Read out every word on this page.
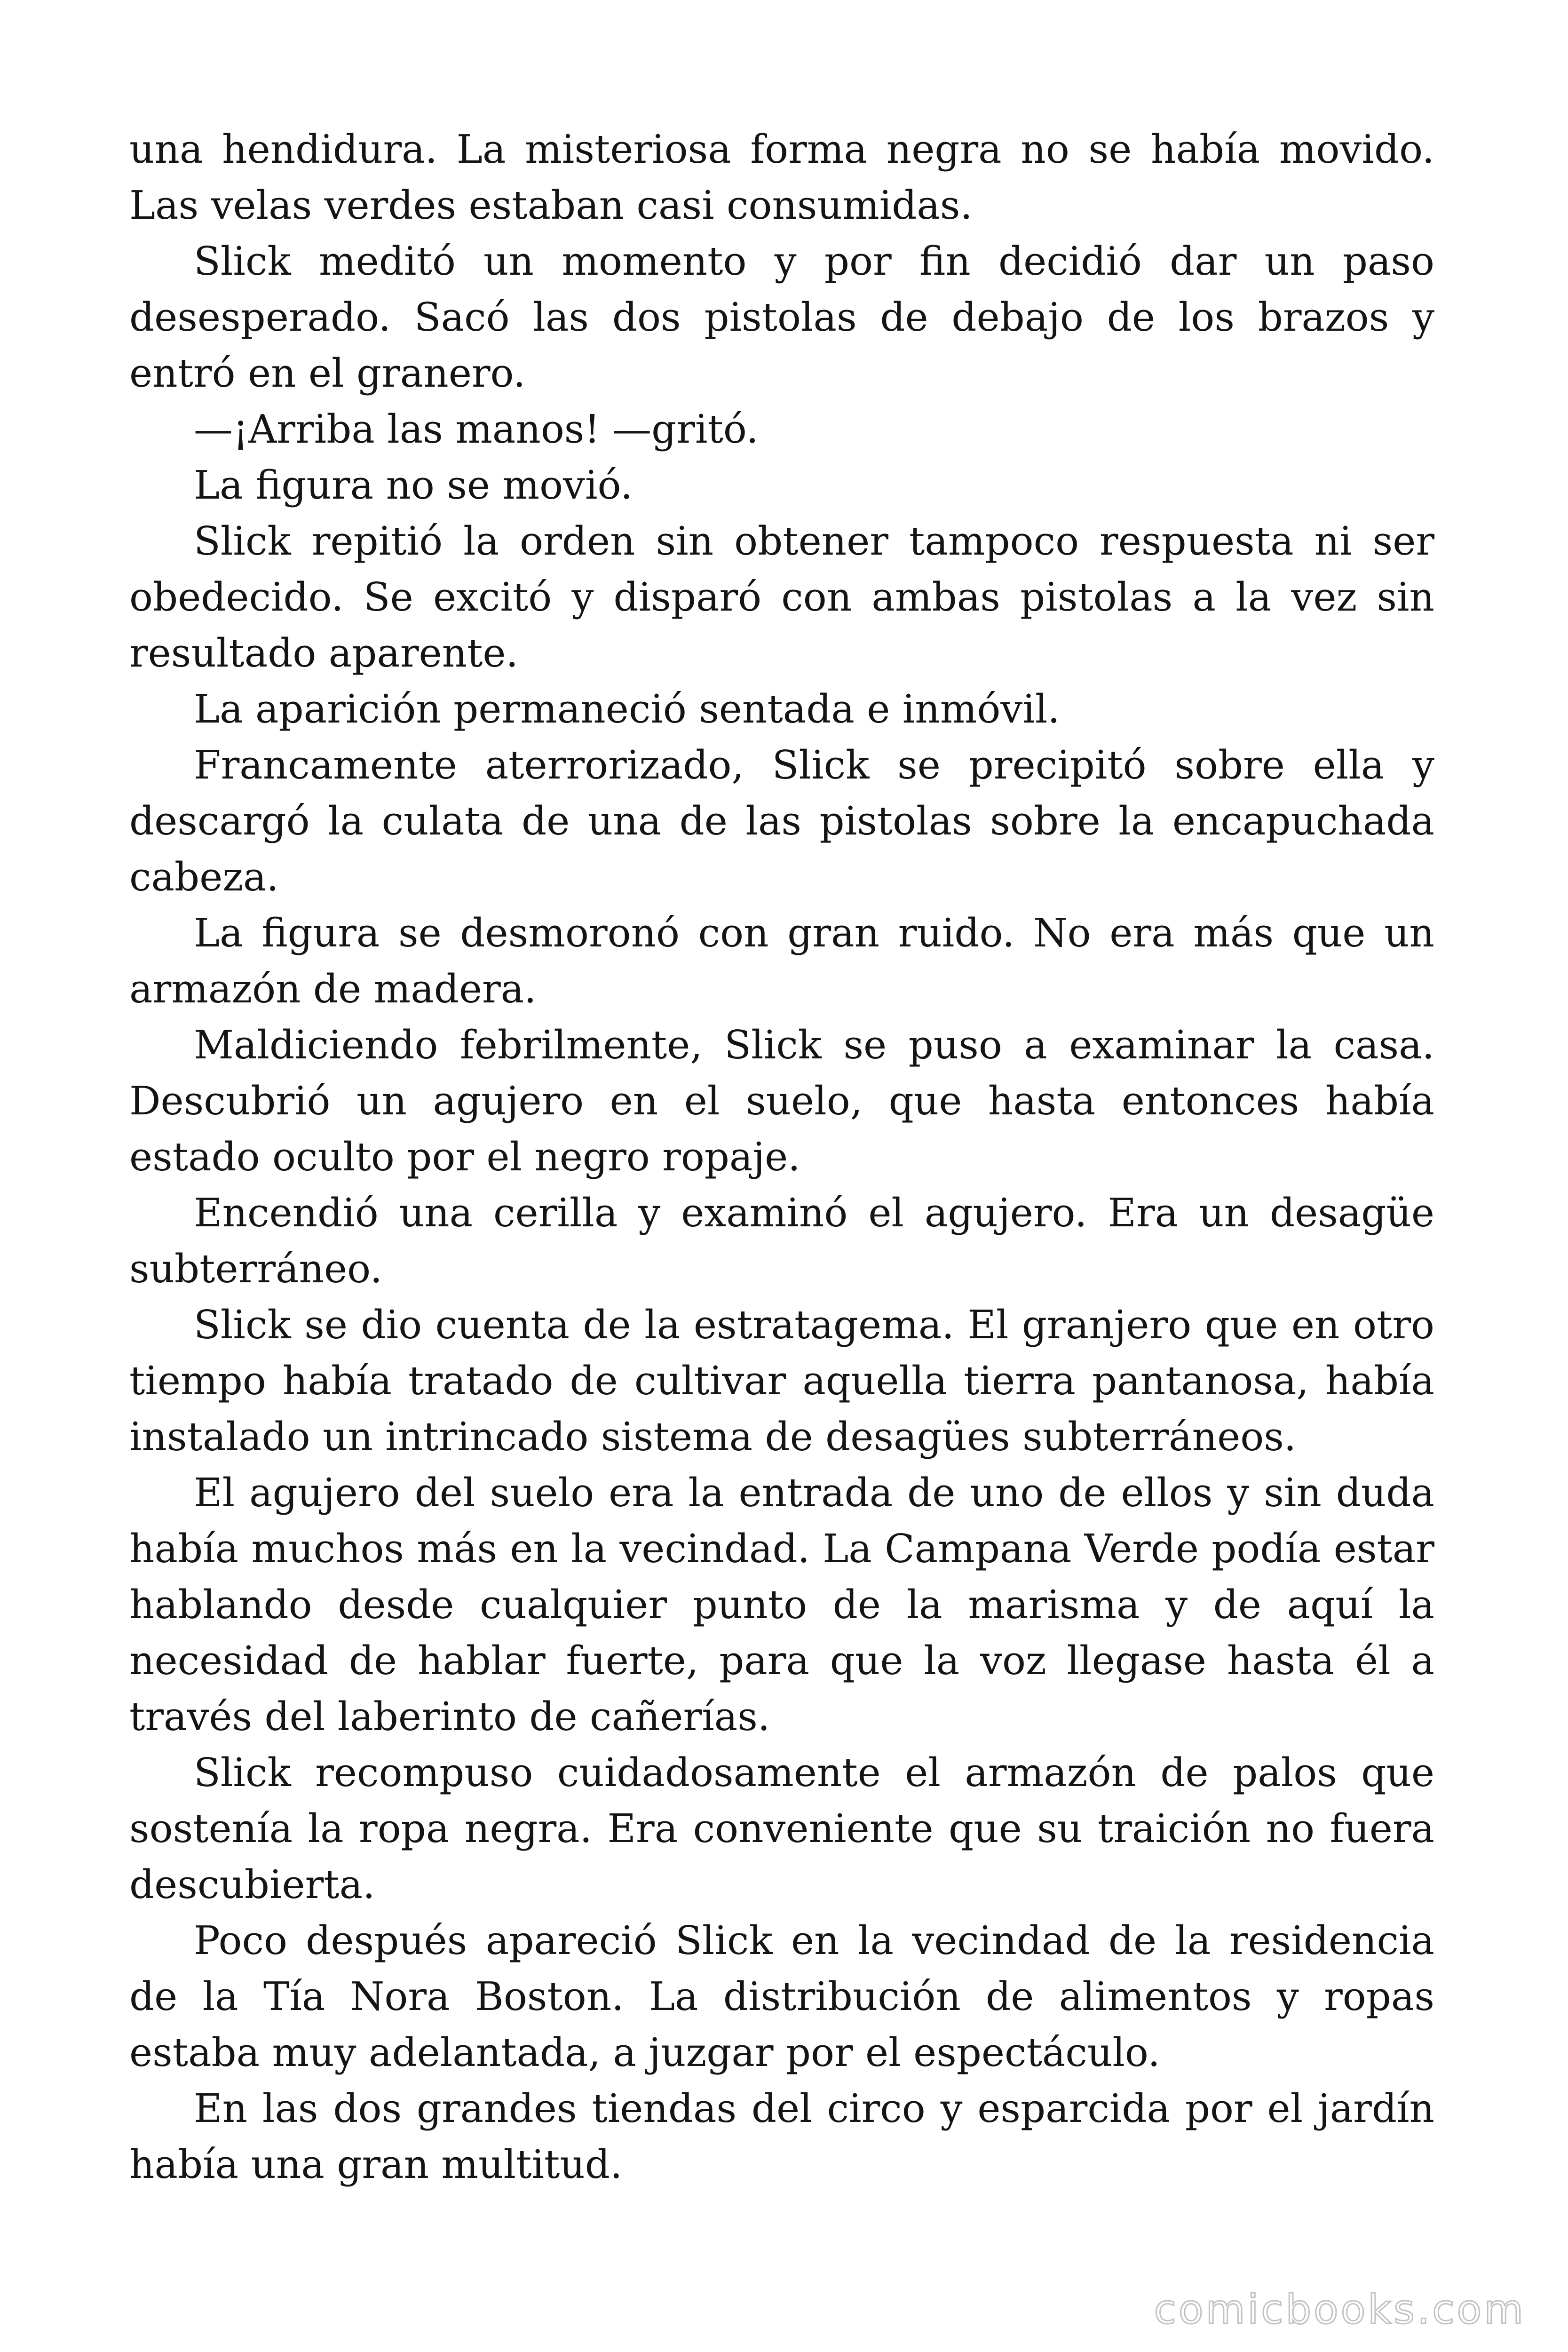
una hendidura. La misteriosa forma negra no se había movido. Las velas verdes estaban casi consumidas.

Slick meditó un momento y por fin decidió dar un paso desesperado. Sacó las dos pistolas de debajo de los brazos y entró en el granero.

—¡Arriba las manos! —gritó.

La figura no se movió.

Slick repitió la orden sin obtener tampoco respuesta ni ser obedecido. Se excitó y disparó con ambas pistolas a la vez sin resultado aparente.

La aparición permaneció sentada e inmóvil.

Francamente aterrorizado, Slick se precipitó sobre ella y descargó la culata de una de las pistolas sobre la encapuchada cabeza.

La figura se desmoronó con gran ruido. No era más que un armazón de madera.

Maldiciendo febrilmente, Slick se puso a examinar la casa. Descubrió un agujero en el suelo, que hasta entonces había estado oculto por el negro ropaje.

Encendió una cerilla y examinó el agujero. Era un desagüe subterráneo.

Slick se dio cuenta de la estratagema. El granjero que en otro tiempo había tratado de cultivar aquella tierra pantanosa, había instalado un intrincado sistema de desagües subterráneos.

El agujero del suelo era la entrada de uno de ellos y sin duda había muchos más en la vecindad. La Campana Verde podía estar hablando desde cualquier punto de la marisma y de aquí la necesidad de hablar fuerte, para que la voz llegase hasta él a través del laberinto de cañerías.

Slick recompuso cuidadosamente el armazón de palos que sostenía la ropa negra. Era conveniente que su traición no fuera descubierta.

Poco después apareció Slick en la vecindad de la residencia de la Tía Nora Boston. La distribución de alimentos y ropas estaba muy adelantada, a juzgar por el espectáculo.

En las dos grandes tiendas del circo y esparcida por el jardín había una gran multitud.

comicbooks.com
